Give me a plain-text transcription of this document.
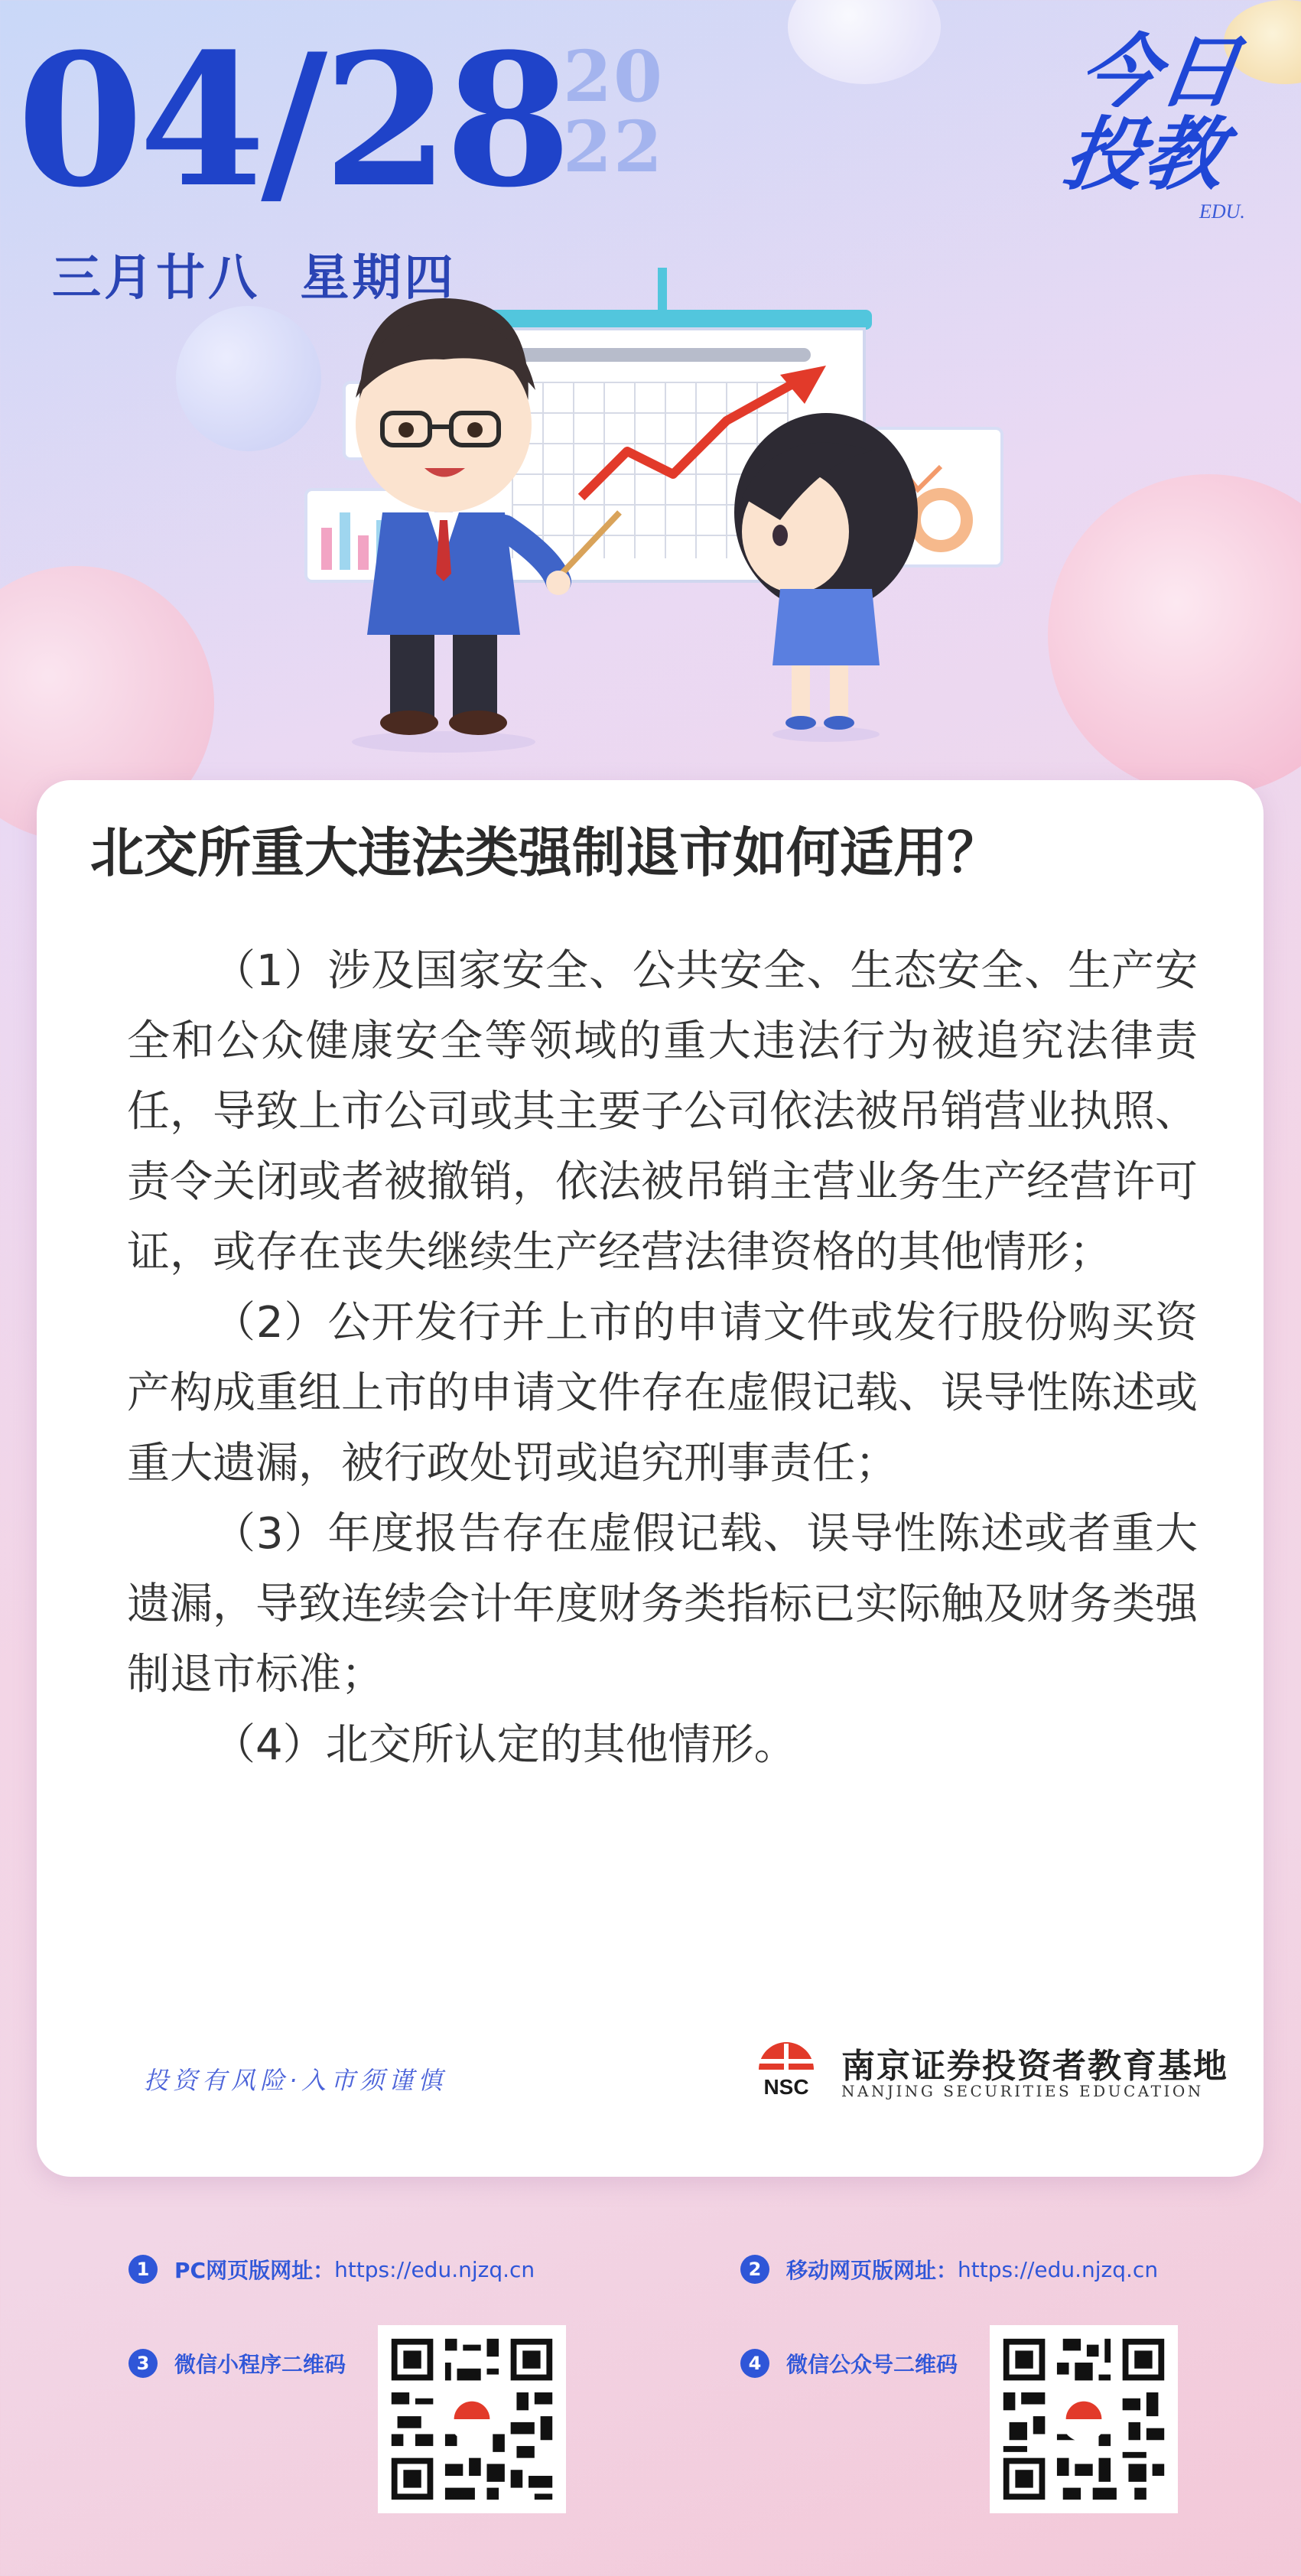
04/28
20
22
三月廿八  星期四
今日
投教
EDU.
北交所重大违法类强制退市如何适用？

（1）涉及国家安全、公共安全、生态安全、生产安全和公众健康安全等领域的重大违法行为被追究法律责任，导致上市公司或其主要子公司依法被吊销营业执照、责令关闭或者被撤销，依法被吊销主营业务生产经营许可证，或存在丧失继续生产经营法律资格的其他情形；

（2）公开发行并上市的申请文件或发行股份购买资产构成重组上市的申请文件存在虚假记载、误导性陈述或重大遗漏，被行政处罚或追究刑事责任；

（3）年度报告存在虚假记载、误导性陈述或者重大遗漏，导致连续会计年度财务类指标已实际触及财务类强制退市标准；

（4）北交所认定的其他情形。

投资有风险·入市须谨慎	NSC
南京证券投资者教育基地
NANJING SECURITIES EDUCATION
1	PC网页版网址： https://edu.njzq.cn	2	移动网页版网址： https://edu.njzq.cn
3	微信小程序二维码	4	微信公众号二维码
